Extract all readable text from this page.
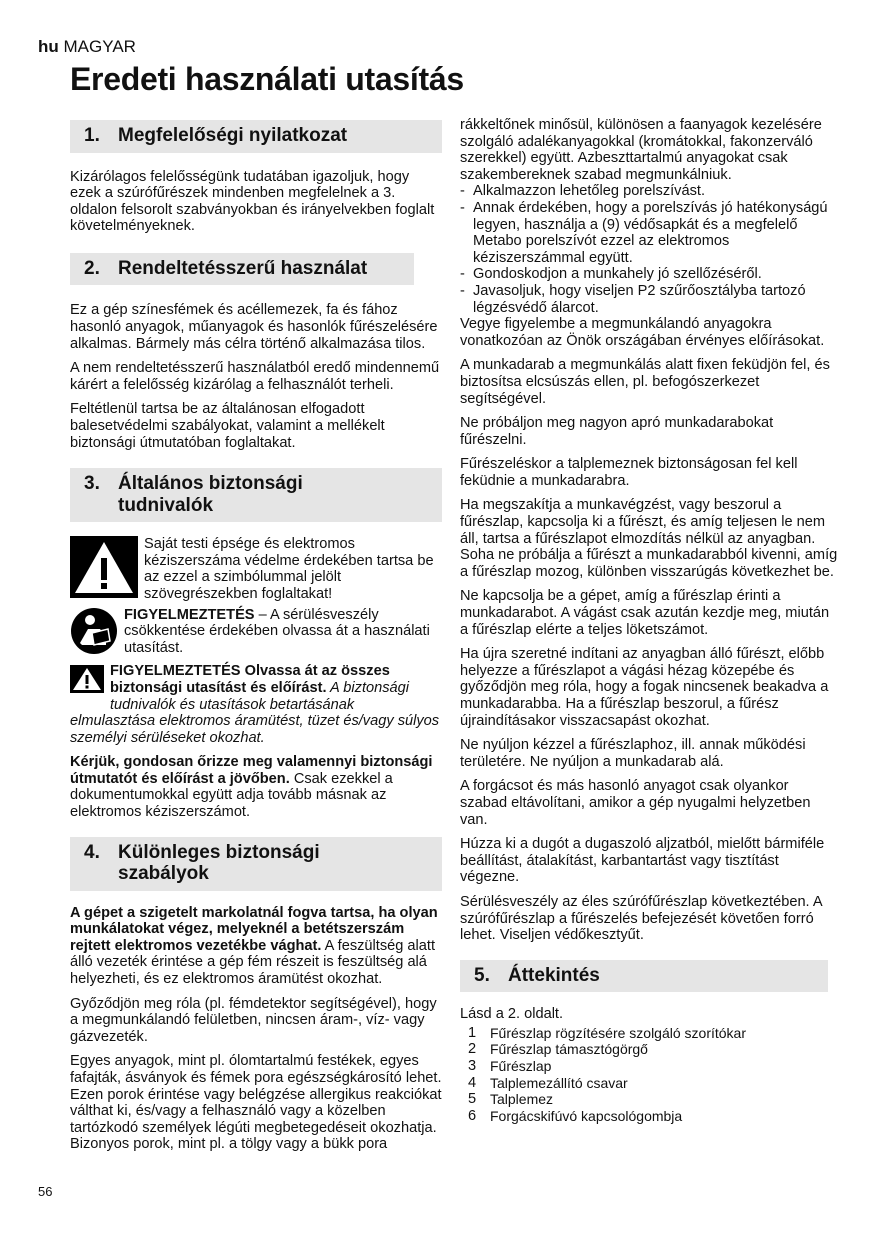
hu MAGYAR
Eredeti használati utasítás
1. Megfelelőségi nyilatkozat

Kizárólagos felelősségünk tudatában igazoljuk, hogy ezek a szúrófűrészek mindenben megfelelnek a 3. oldalon felsorolt szabványokban és irányelvekben foglalt követelményeknek.

2. Rendeltetésszerű használat

Ez a gép színesfémek és acéllemezek, fa és fához hasonló anyagok, műanyagok és hasonlók fűrészelésére alkalmas. Bármely más célra történő alkalmazása tilos.

A nem rendeltetésszerű használatból eredő mindennemű kárért a felelősség kizárólag a felhasználót terheli.

Feltétlenül tartsa be az általánosan elfogadott balesetvédelmi szabályokat, valamint a mellékelt biztonsági útmutatóban foglaltakat.

3. Általános biztonsági tudnivalók
Saját testi épsége és elektromos kéziszerszáma védelme érdekében tartsa be az ezzel a szimbólummal jelölt szövegrészekben foglaltakat!
FIGYELMEZTETÉS – A sérülésveszély csökkentése érdekében olvassa át a használati utasítást.
FIGYELMEZTETÉS Olvassa át az összes biztonsági utasítást és előírást. A biztonsági tudnivalók és utasítások betartásának elmulasztása elektromos áramütést, tüzet és/vagy súlyos személyi sérüléseket okozhat.

Kérjük, gondosan őrizze meg valamennyi biztonsági útmutatót és előírást a jövőben. Csak ezekkel a dokumentumokkal együtt adja tovább másnak az elektromos kéziszerszámot.

4. Különleges biztonsági szabályok

A gépet a szigetelt markolatnál fogva tartsa, ha olyan munkálatokat végez, melyeknél a betétszerszám rejtett elektromos vezetékbe vághat. A feszültség alatt álló vezeték érintése a gép fém részeit is feszültség alá helyezheti, és ez elektromos áramütést okozhat.

Győződjön meg róla (pl. fémdetektor segítségével), hogy a megmunkálandó felületben, nincsen áram-, víz- vagy gázvezeték.

Egyes anyagok, mint pl. ólomtartalmú festékek, egyes fafajták, ásványok és fémek pora egészségkárosító lehet. Ezen porok érintése vagy belégzése allergikus reakciókat válthat ki, és/vagy a felhasználó vagy a közelben tartózkodó személyek légúti megbetegedéseit okozhatja.

Bizonyos porok, mint pl. a tölgy vagy a bükk pora

rákkeltőnek minősül, különösen a faanyagok kezelésére szolgáló adalékanyagokkal (kromátokkal, fakonzerváló szerekkel) együtt. Azbeszttartalmú anyagokat csak szakembereknek szabad megmunkálniuk.

- Alkalmazzon lehetőleg porelszívást.
- Annak érdekében, hogy a porelszívás jó hatékonyságú legyen, használja a (9) védősapkát és a megfelelő Metabo porelszívót ezzel az elektromos kéziszerszámmal együtt.
- Gondoskodjon a munkahely jó szellőzéséről.
- Javasoljuk, hogy viseljen P2 szűrőosztályba tartozó légzésvédő álarcot.

Vegye figyelembe a megmunkálandó anyagokra vonatkozóan az Önök országában érvényes előírásokat.

A munkadarab a megmunkálás alatt fixen feküdjön fel, és biztosítsa elcsúszás ellen, pl. befogószerkezet segítségével.

Ne próbáljon meg nagyon apró munkadarabokat fűrészelni.

Fűrészeléskor a talplemeznek biztonságosan fel kell feküdnie a munkadarabra.

Ha megszakítja a munkavégzést, vagy beszorul a fűrészlap, kapcsolja ki a fűrészt, és amíg teljesen le nem áll, tartsa a fűrészlapot elmozdítás nélkül az anyagban. Soha ne próbálja a fűrészt a munkadarabból kivenni, amíg a fűrészlap mozog, különben visszarúgás következhet be.

Ne kapcsolja be a gépet, amíg a fűrészlap érinti a munkadarabot. A vágást csak azután kezdje meg, miután a fűrészlap elérte a teljes löketszámot.

Ha újra szeretné indítani az anyagban álló fűrészt, előbb helyezze a fűrészlapot a vágási hézag közepébe és győződjön meg róla, hogy a fogak nincsenek beakadva a munkadarabba. Ha a fűrészlap beszorul, a fűrész újraindításakor visszacsapást okozhat.

Ne nyúljon kézzel a fűrészlaphoz, ill. annak működési területére. Ne nyúljon a munkadarab alá.

A forgácsot és más hasonló anyagot csak olyankor szabad eltávolítani, amikor a gép nyugalmi helyzetben van.

Húzza ki a dugót a dugaszoló aljzatból, mielőtt bármiféle beállítást, átalakítást, karbantartást vagy tisztítást végezne.

Sérülésveszély az éles szúrófűrészlap következtében. A szúrófűrészlap a fűrészelés befejezését követően forró lehet. Viseljen védőkesztyűt.

5. Áttekintés
Lásd a 2. oldalt.
1 Fűrészlap rögzítésére szolgáló szorítókar
2 Fűrészlap támasztógörgő
3 Fűrészlap
4 Talplemezállító csavar
5 Talplemez
6 Forgácskifúvó kapcsológombja
56
